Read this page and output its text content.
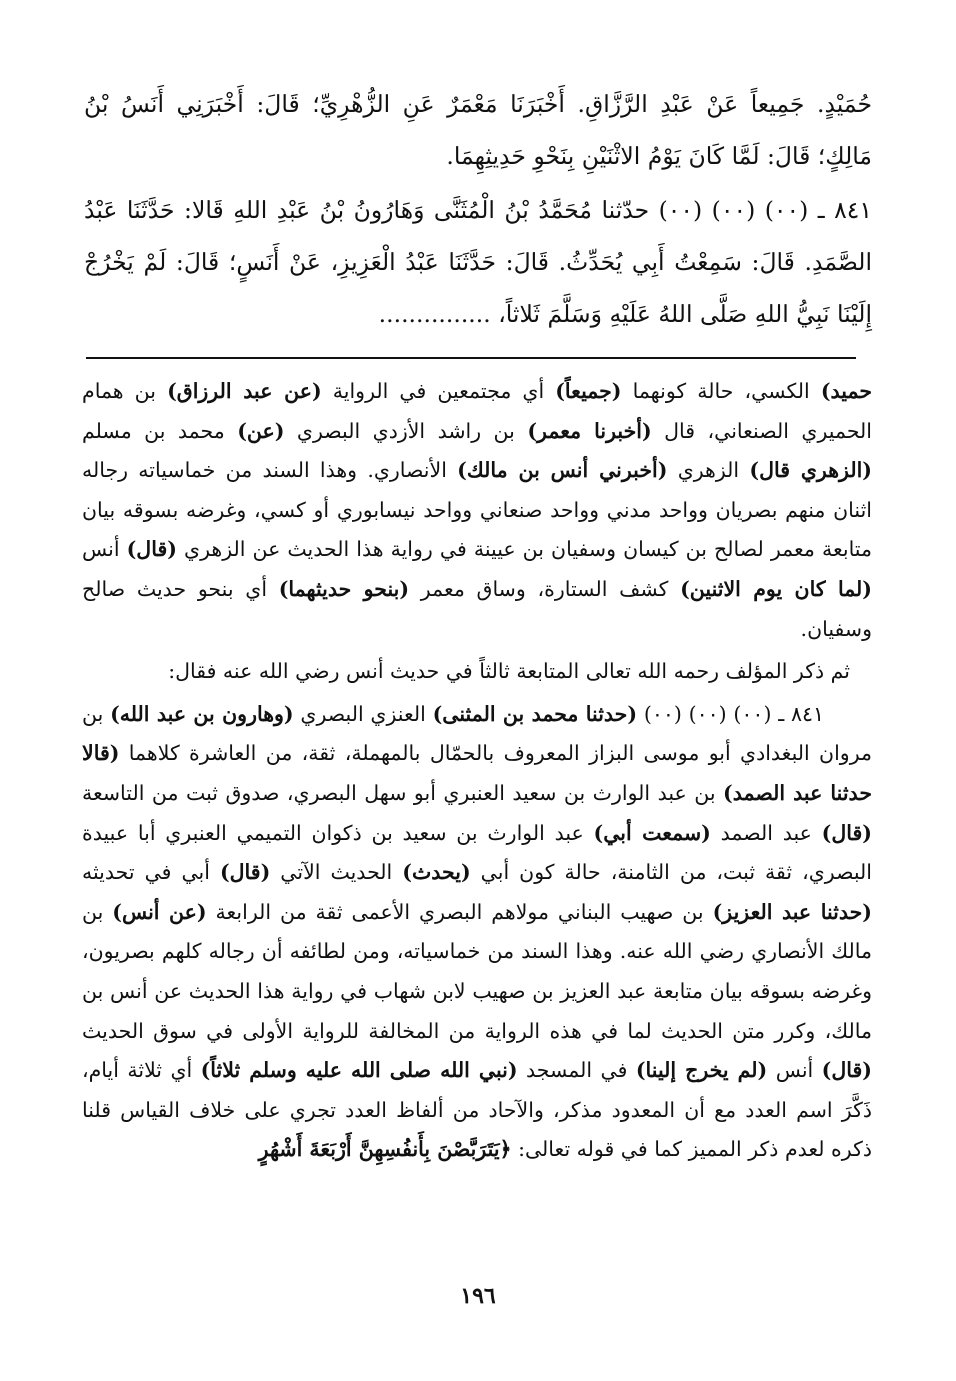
حُمَيْدٍ. جَمِيعاً عَنْ عَبْدِ الرَّزَّاقِ. أَخْبَرَنَا مَعْمَرٌ عَنِ الزُّهْرِيِّ؛ قَالَ: أَخْبَرَنِي أَنَسُ بْنُ مَالِكٍ؛ قَالَ: لَمَّا كَانَ يَوْمُ الاثْنَيْنِ بِنَحْوِ حَدِيثِهِمَا.

٨٤١ ـ (٠٠) (٠٠) (٠٠) حدّثنا مُحَمَّدُ بْنُ الْمُثَنَّى وَهَارُونُ بْنُ عَبْدِ اللهِ قَالا: حَدَّثَنَا عَبْدُ الصَّمَدِ. قَالَ: سَمِعْتُ أَبِي يُحَدِّثُ. قَالَ: حَدَّثَنَا عَبْدُ الْعَزِيزِ، عَنْ أَنَسٍ؛ قَالَ: لَمْ يَخْرُجْ إِلَيْنَا نَبِيُّ اللهِ صَلَّى اللهُ عَلَيْهِ وَسَلَّمَ ثَلاثاً، ...............

حميد) الكسي، حالة كونهما (جميعاً) أي مجتمعين في الرواية (عن عبد الرزاق) بن همام الحميري الصنعاني، قال (أخبرنا معمر) بن راشد الأزدي البصري (عن) محمد بن مسلم (الزهري قال) الزهري (أخبرني أنس بن مالك) الأنصاري. وهذا السند من خماسياته رجاله اثنان منهم بصريان وواحد مدني وواحد صنعاني وواحد نيسابوري أو كسي، وغرضه بسوقه بيان متابعة معمر لصالح بن كيسان وسفيان بن عيينة في رواية هذا الحديث عن الزهري (قال) أنس (لما كان يوم الاثنين) كشف الستارة، وساق معمر (بنحو حديثهما) أي بنحو حديث صالح وسفيان.

ثم ذكر المؤلف رحمه الله تعالى المتابعة ثالثاً في حديث أنس رضي الله عنه فقال:

٨٤١ ـ (٠٠) (٠٠) (٠٠) (حدثنا محمد بن المثنى) العنزي البصري (وهارون بن عبد الله) بن مروان البغدادي أبو موسى البزاز المعروف بالحمّال بالمهملة، ثقة، من العاشرة كلاهما (قالا حدثنا عبد الصمد) بن عبد الوارث بن سعيد العنبري أبو سهل البصري، صدوق ثبت من التاسعة (قال) عبد الصمد (سمعت أبي) عبد الوارث بن سعيد بن ذكوان التميمي العنبري أبا عبيدة البصري، ثقة ثبت، من الثامنة، حالة كون أبي (يحدث) الحديث الآتي (قال) أبي في تحديثه (حدثنا عبد العزيز) بن صهيب البناني مولاهم البصري الأعمى ثقة من الرابعة (عن أنس) بن مالك الأنصاري رضي الله عنه. وهذا السند من خماسياته، ومن لطائفه أن رجاله كلهم بصريون، وغرضه بسوقه بيان متابعة عبد العزيز بن صهيب لابن شهاب في رواية هذا الحديث عن أنس بن مالك، وكرر متن الحديث لما في هذه الرواية من المخالفة للرواية الأولى في سوق الحديث (قال) أنس (لم يخرج إلينا) في المسجد (نبي الله صلى الله عليه وسلم ثلاثاً) أي ثلاثة أيام، ذَكَّرَ اسم العدد مع أن المعدود مذكر، والآحاد من ألفاظ العدد تجري على خلاف القياس قلنا ذكره لعدم ذكر المميز كما في قوله تعالى: ﴿يَتَرَبَّصْنَ بِأَنفُسِهِنَّ أَرْبَعَةَ أَشْهُرٍ

١٩٦
